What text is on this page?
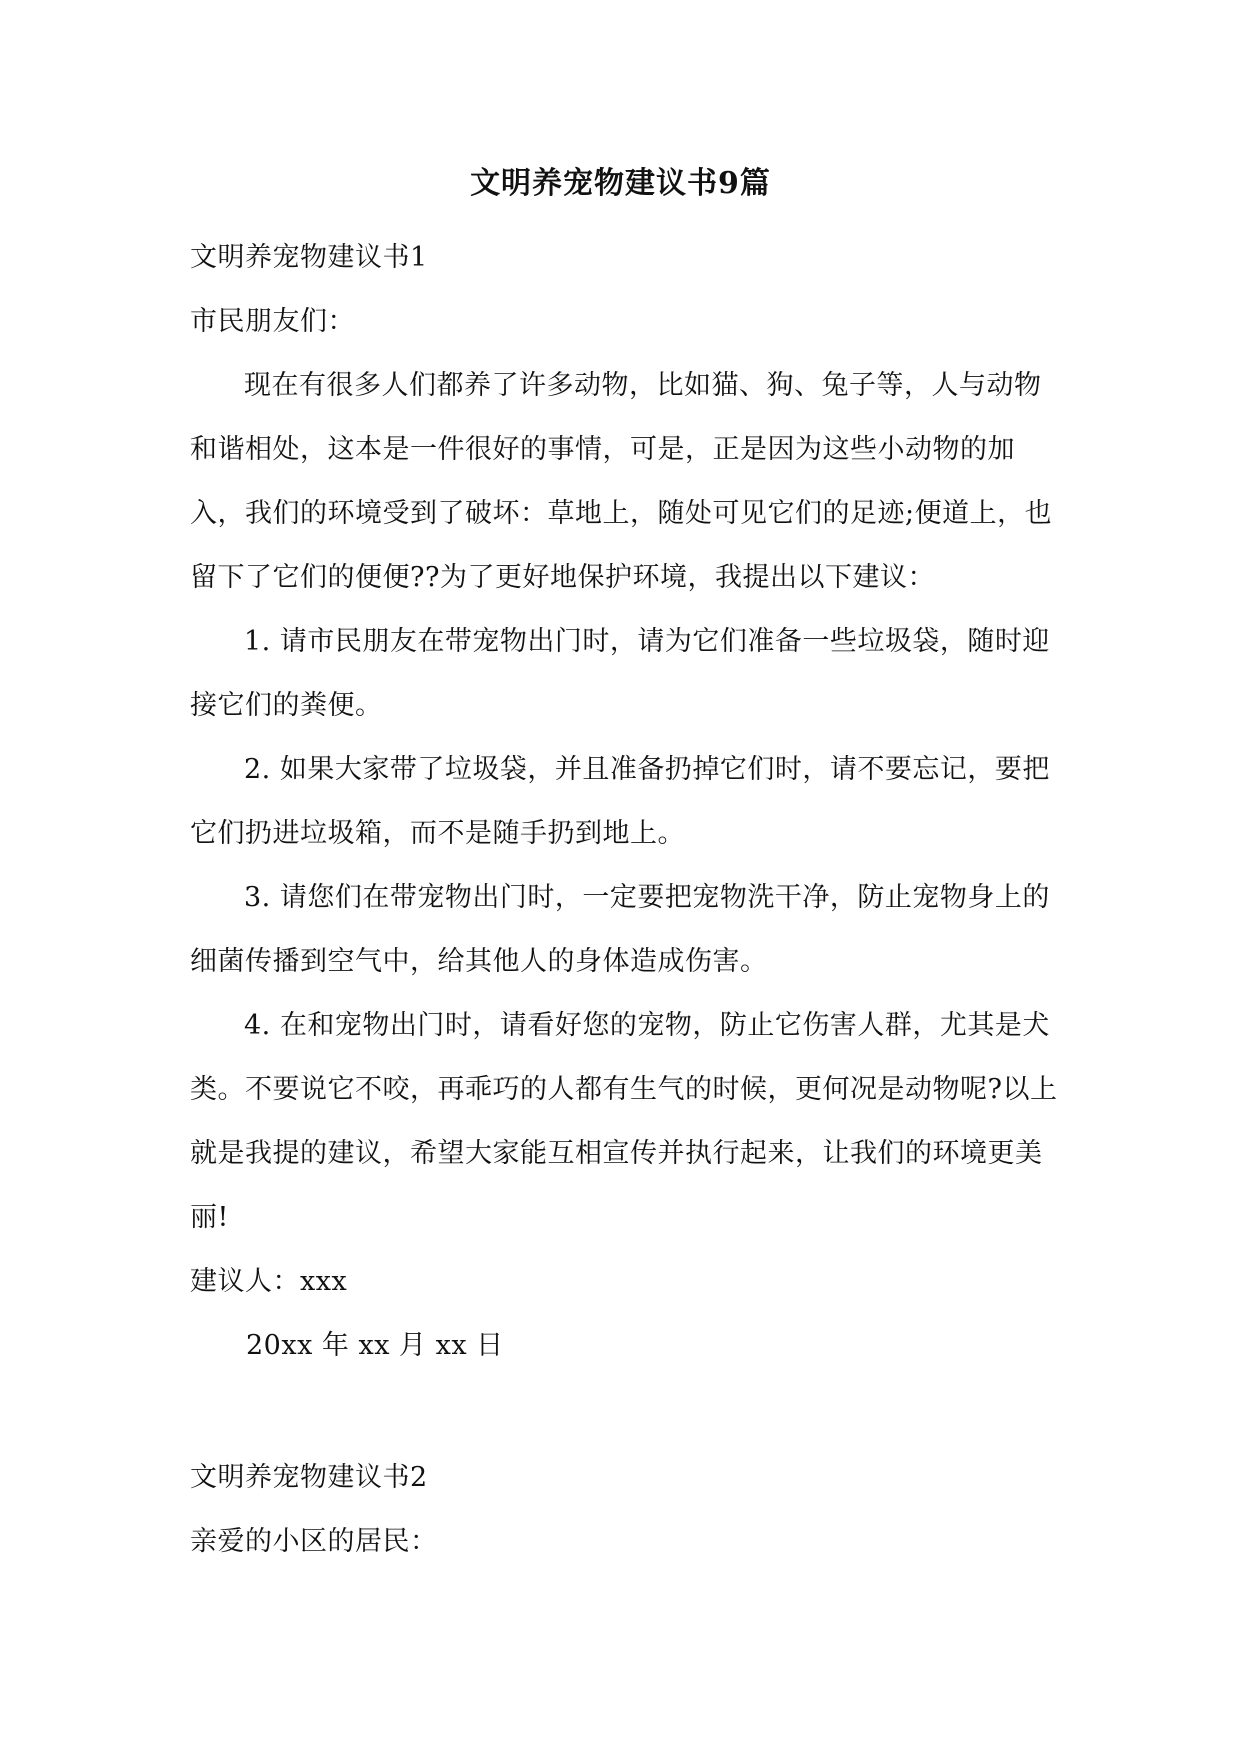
文明养宠物建议书9篇

文明养宠物建议书1

市民朋友们：

现在有很多人们都养了许多动物，比如猫、狗、兔子等，人与动物和谐相处，这本是一件很好的事情，可是，正是因为这些小动物的加入，我们的环境受到了破坏：草地上，随处可见它们的足迹;便道上，也留下了它们的便便??为了更好地保护环境，我提出以下建议：

1. 请市民朋友在带宠物出门时，请为它们准备一些垃圾袋，随时迎接它们的粪便。

2. 如果大家带了垃圾袋，并且准备扔掉它们时，请不要忘记，要把它们扔进垃圾箱，而不是随手扔到地上。

3. 请您们在带宠物出门时，一定要把宠物洗干净，防止宠物身上的细菌传播到空气中，给其他人的身体造成伤害。

4. 在和宠物出门时，请看好您的宠物，防止它伤害人群，尤其是犬类。不要说它不咬，再乖巧的人都有生气的时候，更何况是动物呢?以上就是我提的建议，希望大家能互相宣传并执行起来，让我们的环境更美丽!

建议人：xxx

20xx 年 xx 月 xx 日

文明养宠物建议书2

亲爱的小区的居民：
